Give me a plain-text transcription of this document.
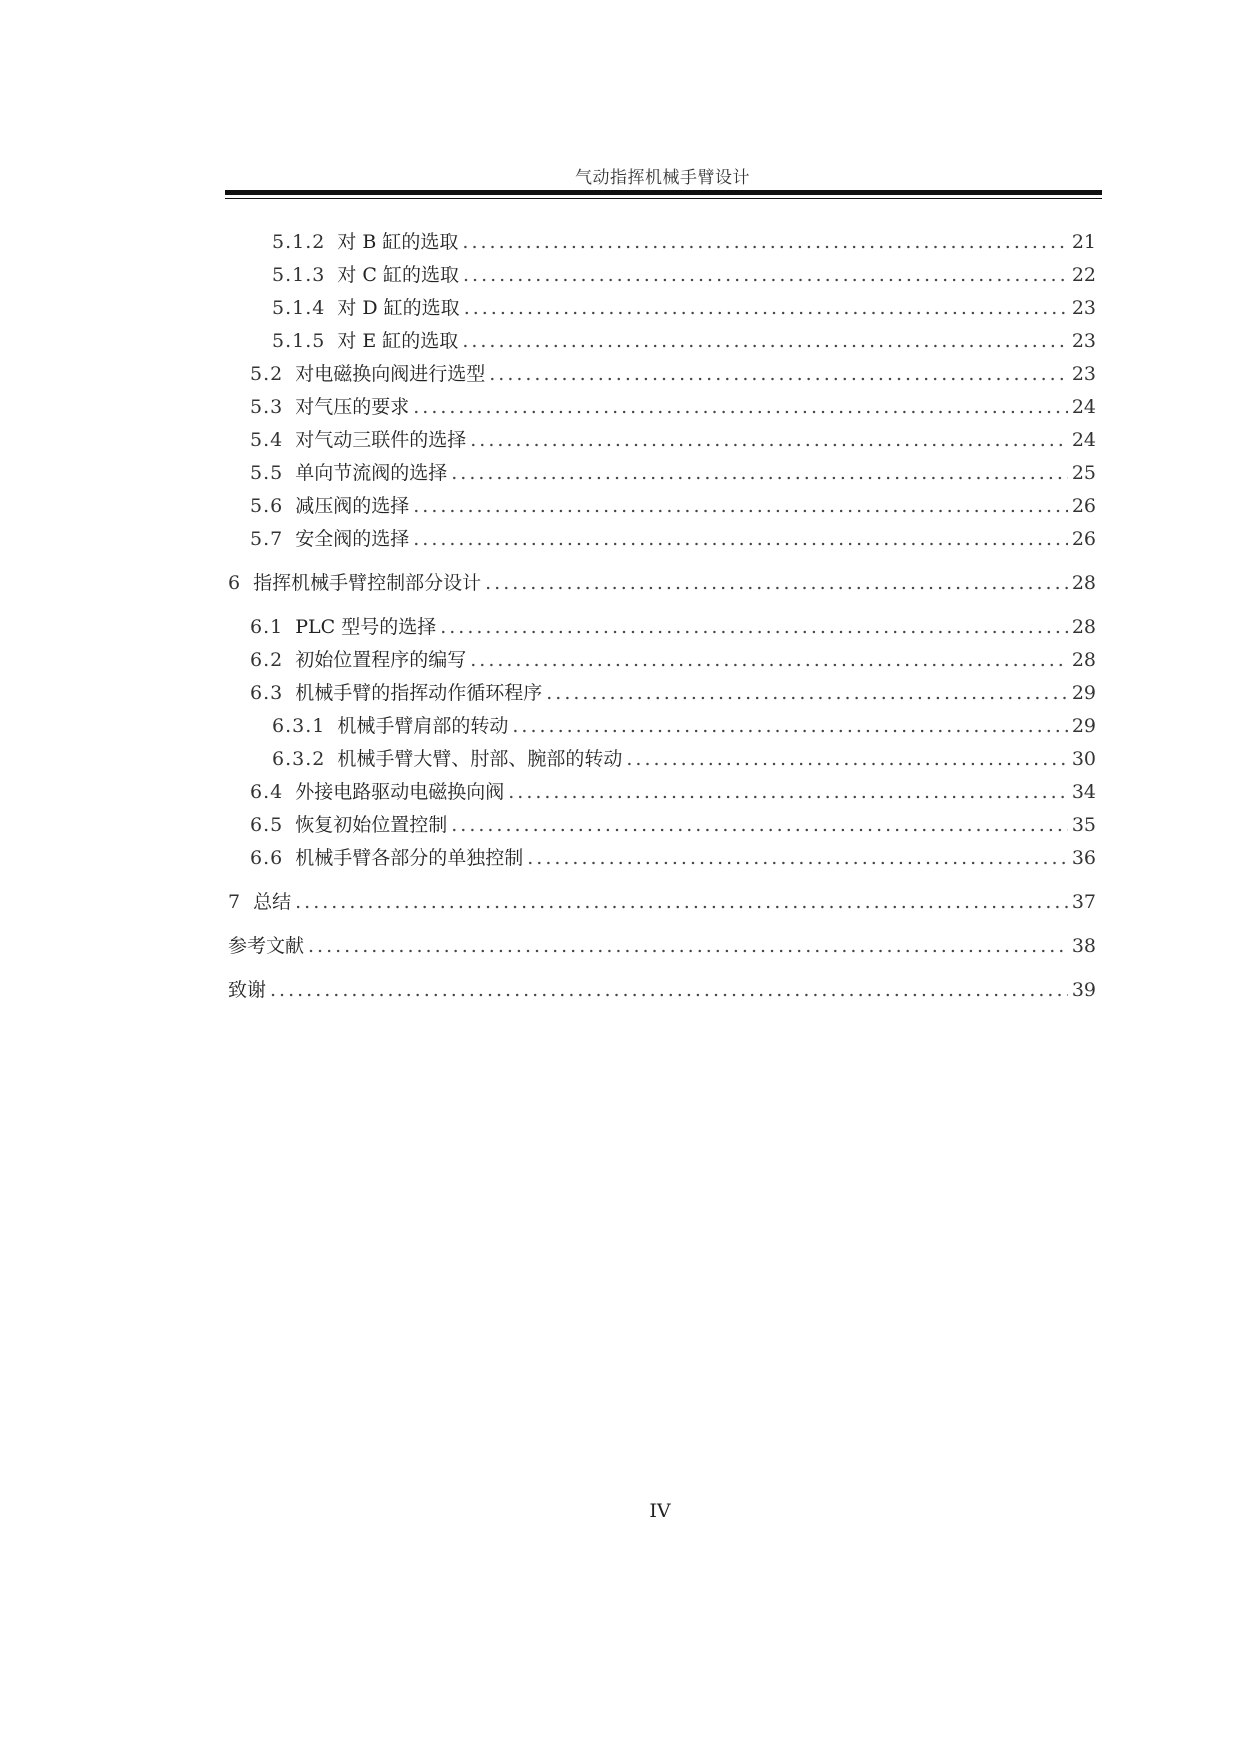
气动指挥机械手臂设计
5.1.2 对 B 缸的选取 .....	21
5.1.3 对 C 缸的选取 .....	22
5.1.4 对 D 缸的选取 .....	23
5.1.5 对 E 缸的选取 .....	23
5.2 对电磁换向阀进行选型 .....	23
5.3 对气压的要求 .....	24
5.4 对气动三联件的选择 .....	24
5.5 单向节流阀的选择 .....	25
5.6 减压阀的选择 .....	26
5.7 安全阀的选择 .....	26
6 指挥机械手臂控制部分设计 .....	28
6.1 PLC 型号的选择 .....	28
6.2 初始位置程序的编写 .....	28
6.3 机械手臂的指挥动作循环程序 .....	29
6.3.1 机械手臂肩部的转动 .....	29
6.3.2 机械手臂大臂、肘部、腕部的转动 .....	30
6.4 外接电路驱动电磁换向阀 .....	34
6.5 恢复初始位置控制 .....	35
6.6 机械手臂各部分的单独控制 .....	36
7 总结 .....	37
参考文献 .....	38
致谢 .....	39
IV
